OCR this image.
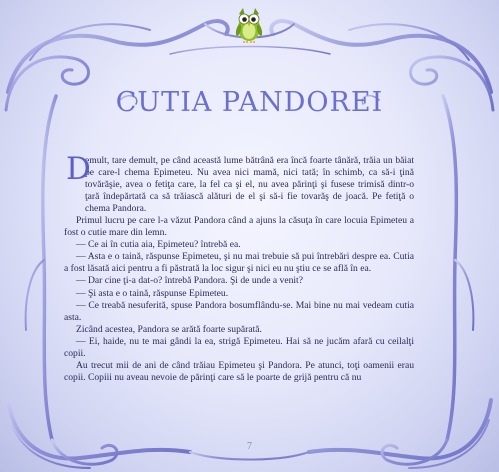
CUTIA PANDOREI

D
emult, tare demult, pe când această lume bătrână era încă foarte tânără, trăia un băiat pe care-l chema Epimeteu. Nu avea nici mamă, nici tată; în schimb, ca să-i ţină tovărăşie, avea o fetiţa care, la fel ca şi el, nu avea părinţi şi fusese trimisă dintr-o ţară îndepărtată ca să trăiască alături de el şi să-i fie tovarăş de joacă. Pe fetiţă o chema Pandora.

Primul lucru pe care l-a văzut Pandora când a ajuns la căsuţa în care locuia Epimeteu a fost o cutie mare din lemn.

— Ce ai în cutia aia, Epimeteu? întrebă ea.

— Asta e o taină, răspunse Epimeteu, şi nu mai trebuie să pui întrebări despre ea. Cutia a fost lăsată aici pentru a fi păstrată la loc sigur şi nici eu nu ştiu ce se află în ea.

— Dar cine ţi-a dat-o? întrebă Pandora. Şi de unde a venit?

— Şi asta e o taină, răspunse Epimeteu.

— Ce treabă nesuferită, spuse Pandora bosumflându-se. Mai bine nu mai vedeam cutia asta.

Zicând acestea, Pandora se arătă foarte supărată.

— Ei, haide, nu te mai gândi la ea, strigă Epimeteu. Hai să ne jucăm afară cu ceilalţi copii.

Au trecut mii de ani de când trăiau Epimeteu şi Pandora. Pe atunci, toţi oamenii erau copii. Copiii nu aveau nevoie de părinţi care să le poarte de grijă pentru că nu

7
